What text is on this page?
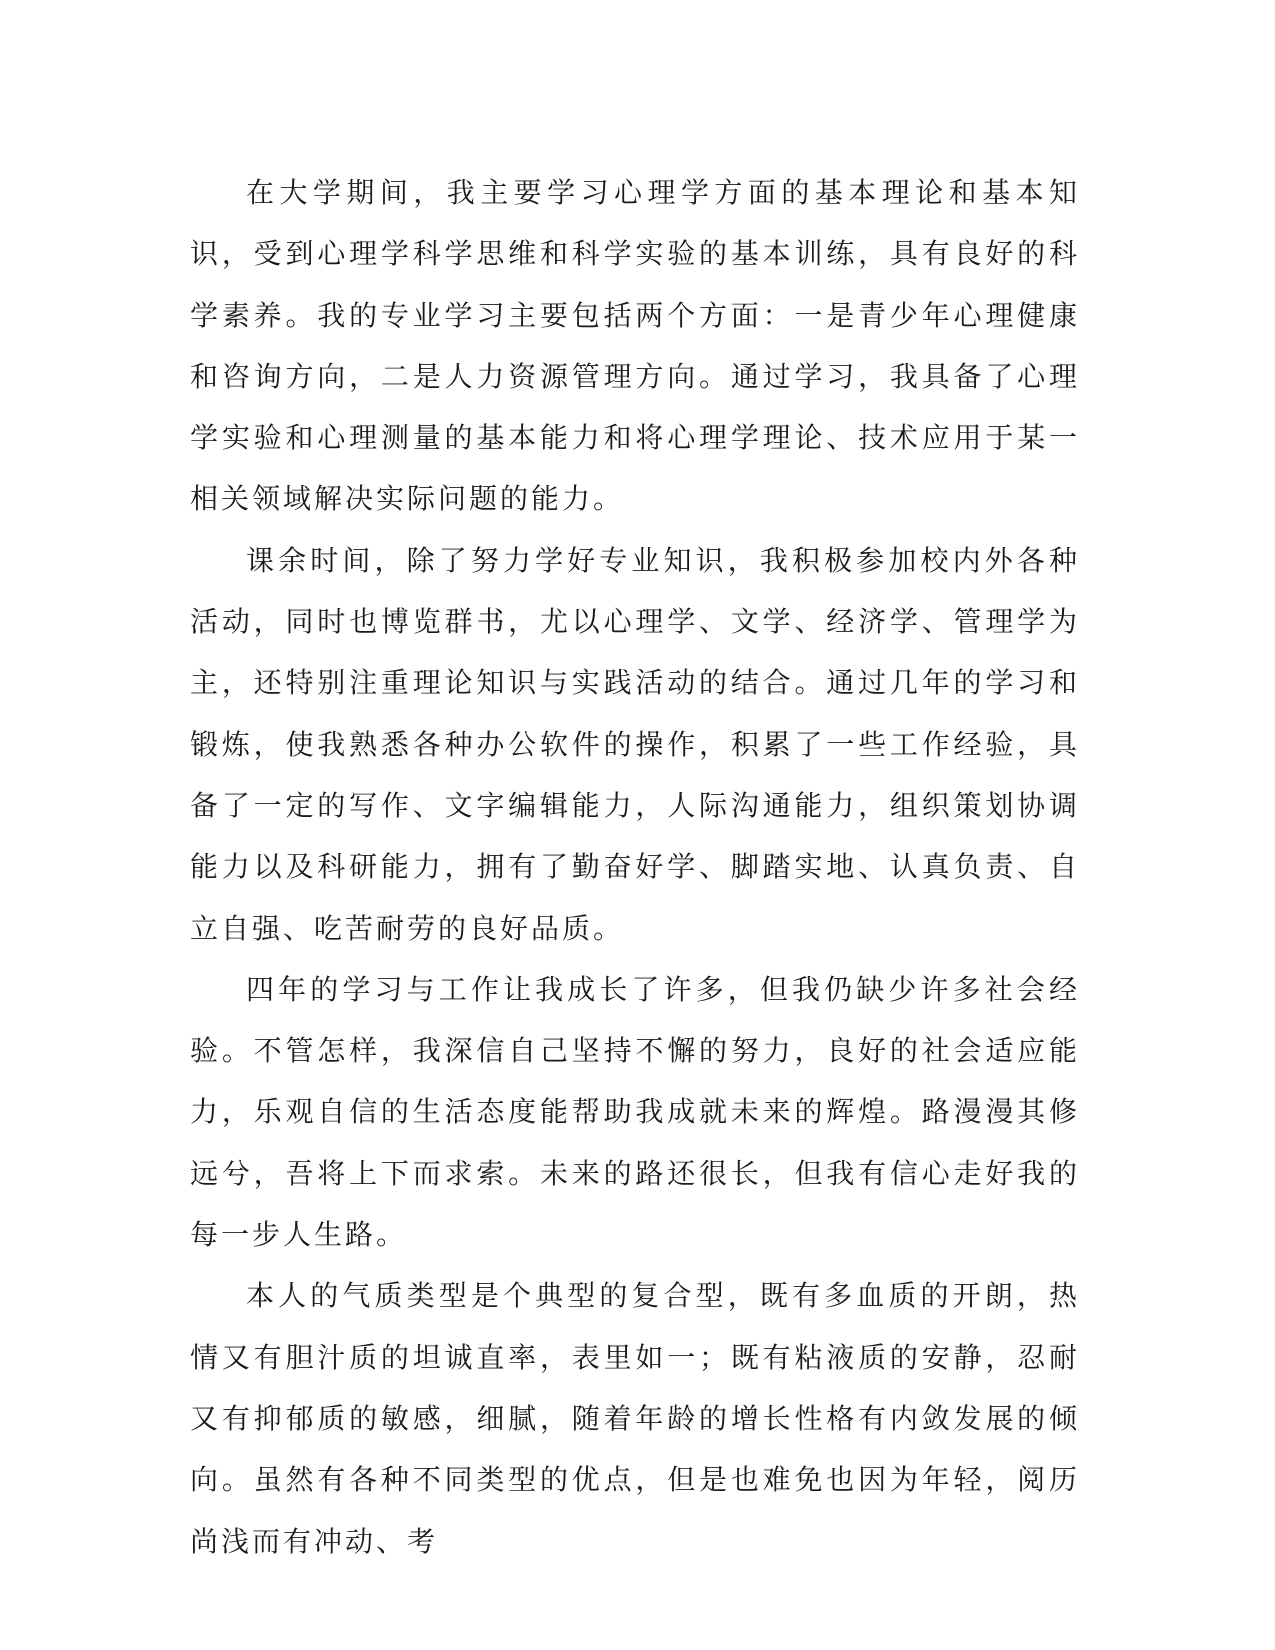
在大学期间，我主要学习心理学方面的基本理论和基本知识，受到心理学科学思维和科学实验的基本训练，具有良好的科学素养。我的专业学习主要包括两个方面：一是青少年心理健康和咨询方向，二是人力资源管理方向。通过学习，我具备了心理学实验和心理测量的基本能力和将心理学理论、技术应用于某一相关领域解决实际问题的能力。

课余时间，除了努力学好专业知识，我积极参加校内外各种活动，同时也博览群书，尤以心理学、文学、经济学、管理学为主，还特别注重理论知识与实践活动的结合。通过几年的学习和锻炼，使我熟悉各种办公软件的操作，积累了一些工作经验，具备了一定的写作、文字编辑能力，人际沟通能力，组织策划协调能力以及科研能力，拥有了勤奋好学、脚踏实地、认真负责、自立自强、吃苦耐劳的良好品质。

四年的学习与工作让我成长了许多，但我仍缺少许多社会经验。不管怎样，我深信自己坚持不懈的努力，良好的社会适应能力，乐观自信的生活态度能帮助我成就未来的辉煌。路漫漫其修远兮，吾将上下而求索。未来的路还很长，但我有信心走好我的每一步人生路。

本人的气质类型是个典型的复合型，既有多血质的开朗，热情又有胆汁质的坦诚直率，表里如一；既有粘液质的安静，忍耐又有抑郁质的敏感，细腻，随着年龄的增长性格有内敛发展的倾向。虽然有各种不同类型的优点，但是也难免也因为年轻，阅历尚浅而有冲动、考
